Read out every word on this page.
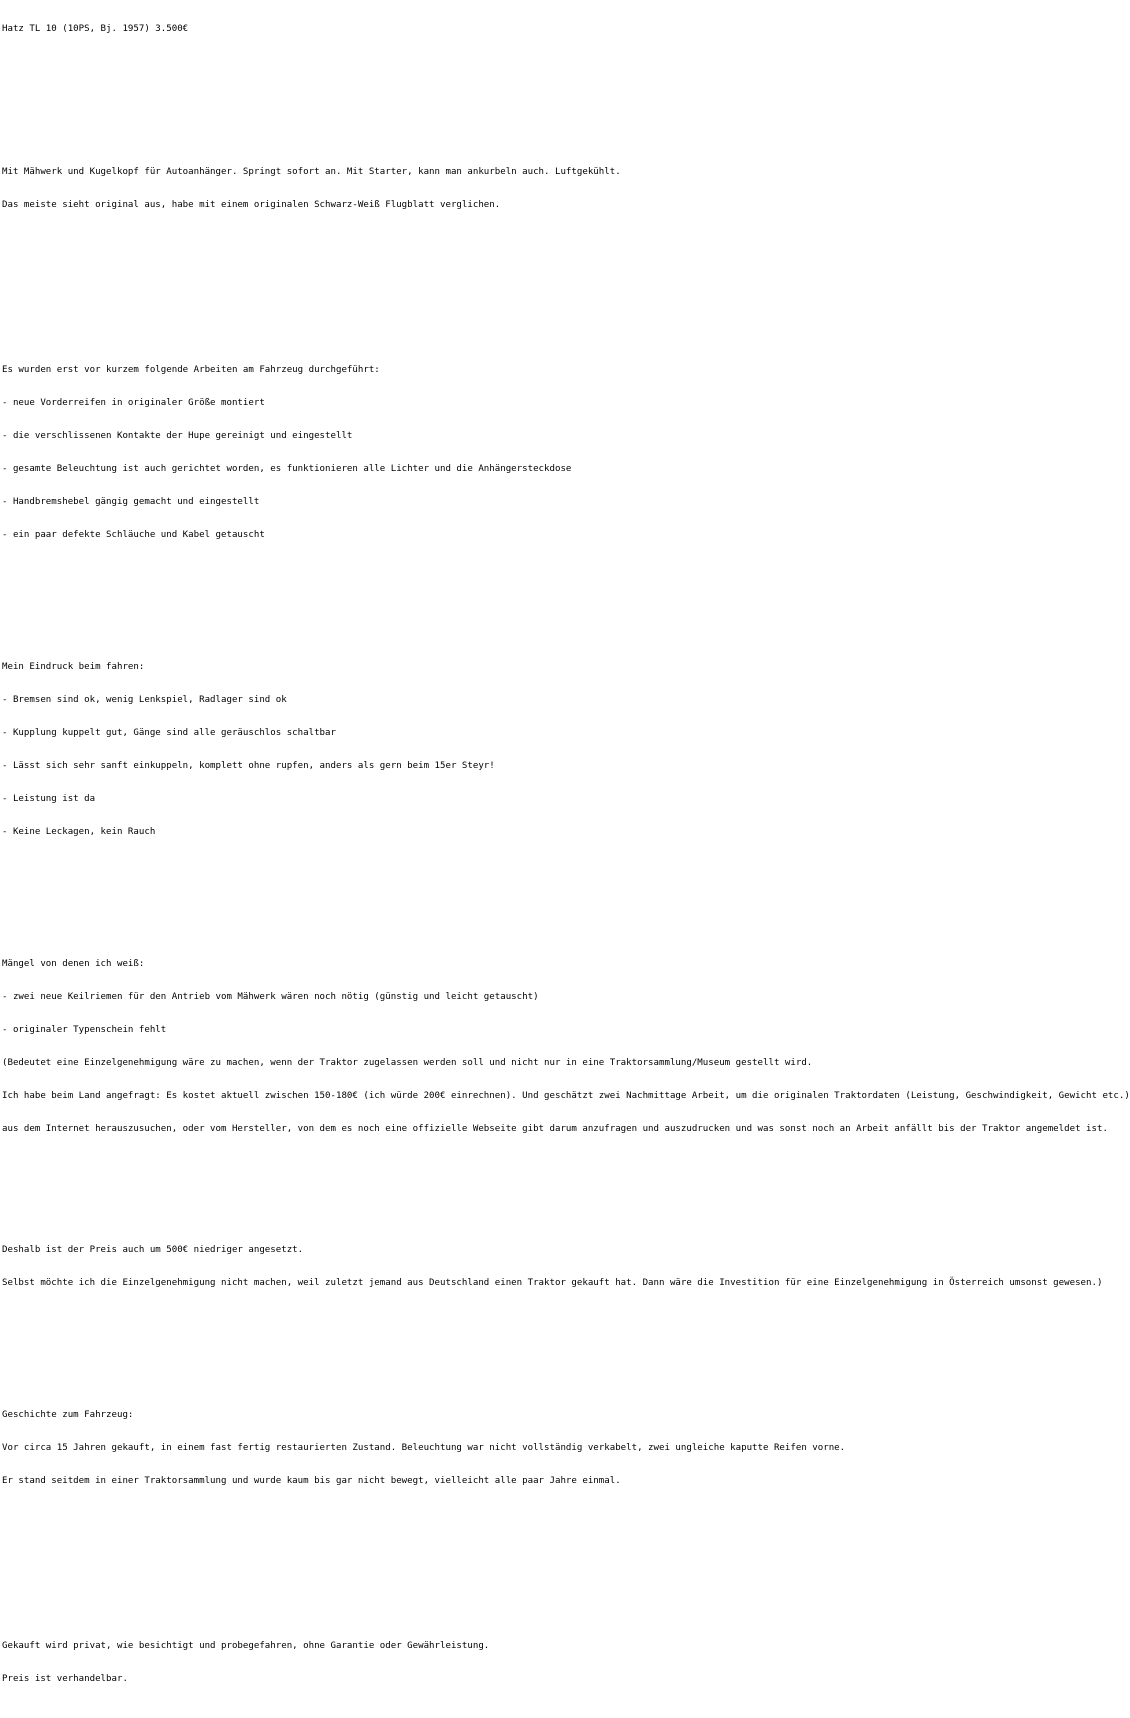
Hatz TL 10 (10PS, Bj. 1957) 3.500€

Mit Mähwerk und Kugelkopf für Autoanhänger. Springt sofort an. Mit Starter, kann man ankurbeln auch. Luftgekühlt.

Das meiste sieht original aus, habe mit einem originalen Schwarz-Weiß Flugblatt verglichen.

Es wurden erst vor kurzem folgende Arbeiten am Fahrzeug durchgeführt:

- neue Vorderreifen in originaler Größe montiert

- die verschlissenen Kontakte der Hupe gereinigt und eingestellt

- gesamte Beleuchtung ist auch gerichtet worden, es funktionieren alle Lichter und die Anhängersteckdose

- Handbremshebel gängig gemacht und eingestellt

- ein paar defekte Schläuche und Kabel getauscht

Mein Eindruck beim fahren:

- Bremsen sind ok, wenig Lenkspiel, Radlager sind ok

- Kupplung kuppelt gut, Gänge sind alle geräuschlos schaltbar

- Lässt sich sehr sanft einkuppeln, komplett ohne rupfen, anders als gern beim 15er Steyr!

- Leistung ist da

- Keine Leckagen, kein Rauch

Mängel von denen ich weiß:

- zwei neue Keilriemen für den Antrieb vom Mähwerk wären noch nötig (günstig und leicht getauscht)

- originaler Typenschein fehlt

(Bedeutet eine Einzelgenehmigung wäre zu machen, wenn der Traktor zugelassen werden soll und nicht nur in eine Traktorsammlung/Museum gestellt wird.

Ich habe beim Land angefragt: Es kostet aktuell zwischen 150-180€ (ich würde 200€ einrechnen). Und geschätzt zwei Nachmittage Arbeit, um die originalen Traktordaten (Leistung, Geschwindigkeit, Gewicht etc.)

aus dem Internet herauszusuchen, oder vom Hersteller, von dem es noch eine offizielle Webseite gibt darum anzufragen und auszudrucken und was sonst noch an Arbeit anfällt bis der Traktor angemeldet ist.

Deshalb ist der Preis auch um 500€ niedriger angesetzt.

Selbst möchte ich die Einzelgenehmigung nicht machen, weil zuletzt jemand aus Deutschland einen Traktor gekauft hat. Dann wäre die Investition für eine Einzelgenehmigung in Österreich umsonst gewesen.)

Geschichte zum Fahrzeug:

Vor circa 15 Jahren gekauft, in einem fast fertig restaurierten Zustand. Beleuchtung war nicht vollständig verkabelt, zwei ungleiche kaputte Reifen vorne.

Er stand seitdem in einer Traktorsammlung und wurde kaum bis gar nicht bewegt, vielleicht alle paar Jahre einmal.

Gekauft wird privat, wie besichtigt und probegefahren, ohne Garantie oder Gewährleistung.

Preis ist verhandelbar.
